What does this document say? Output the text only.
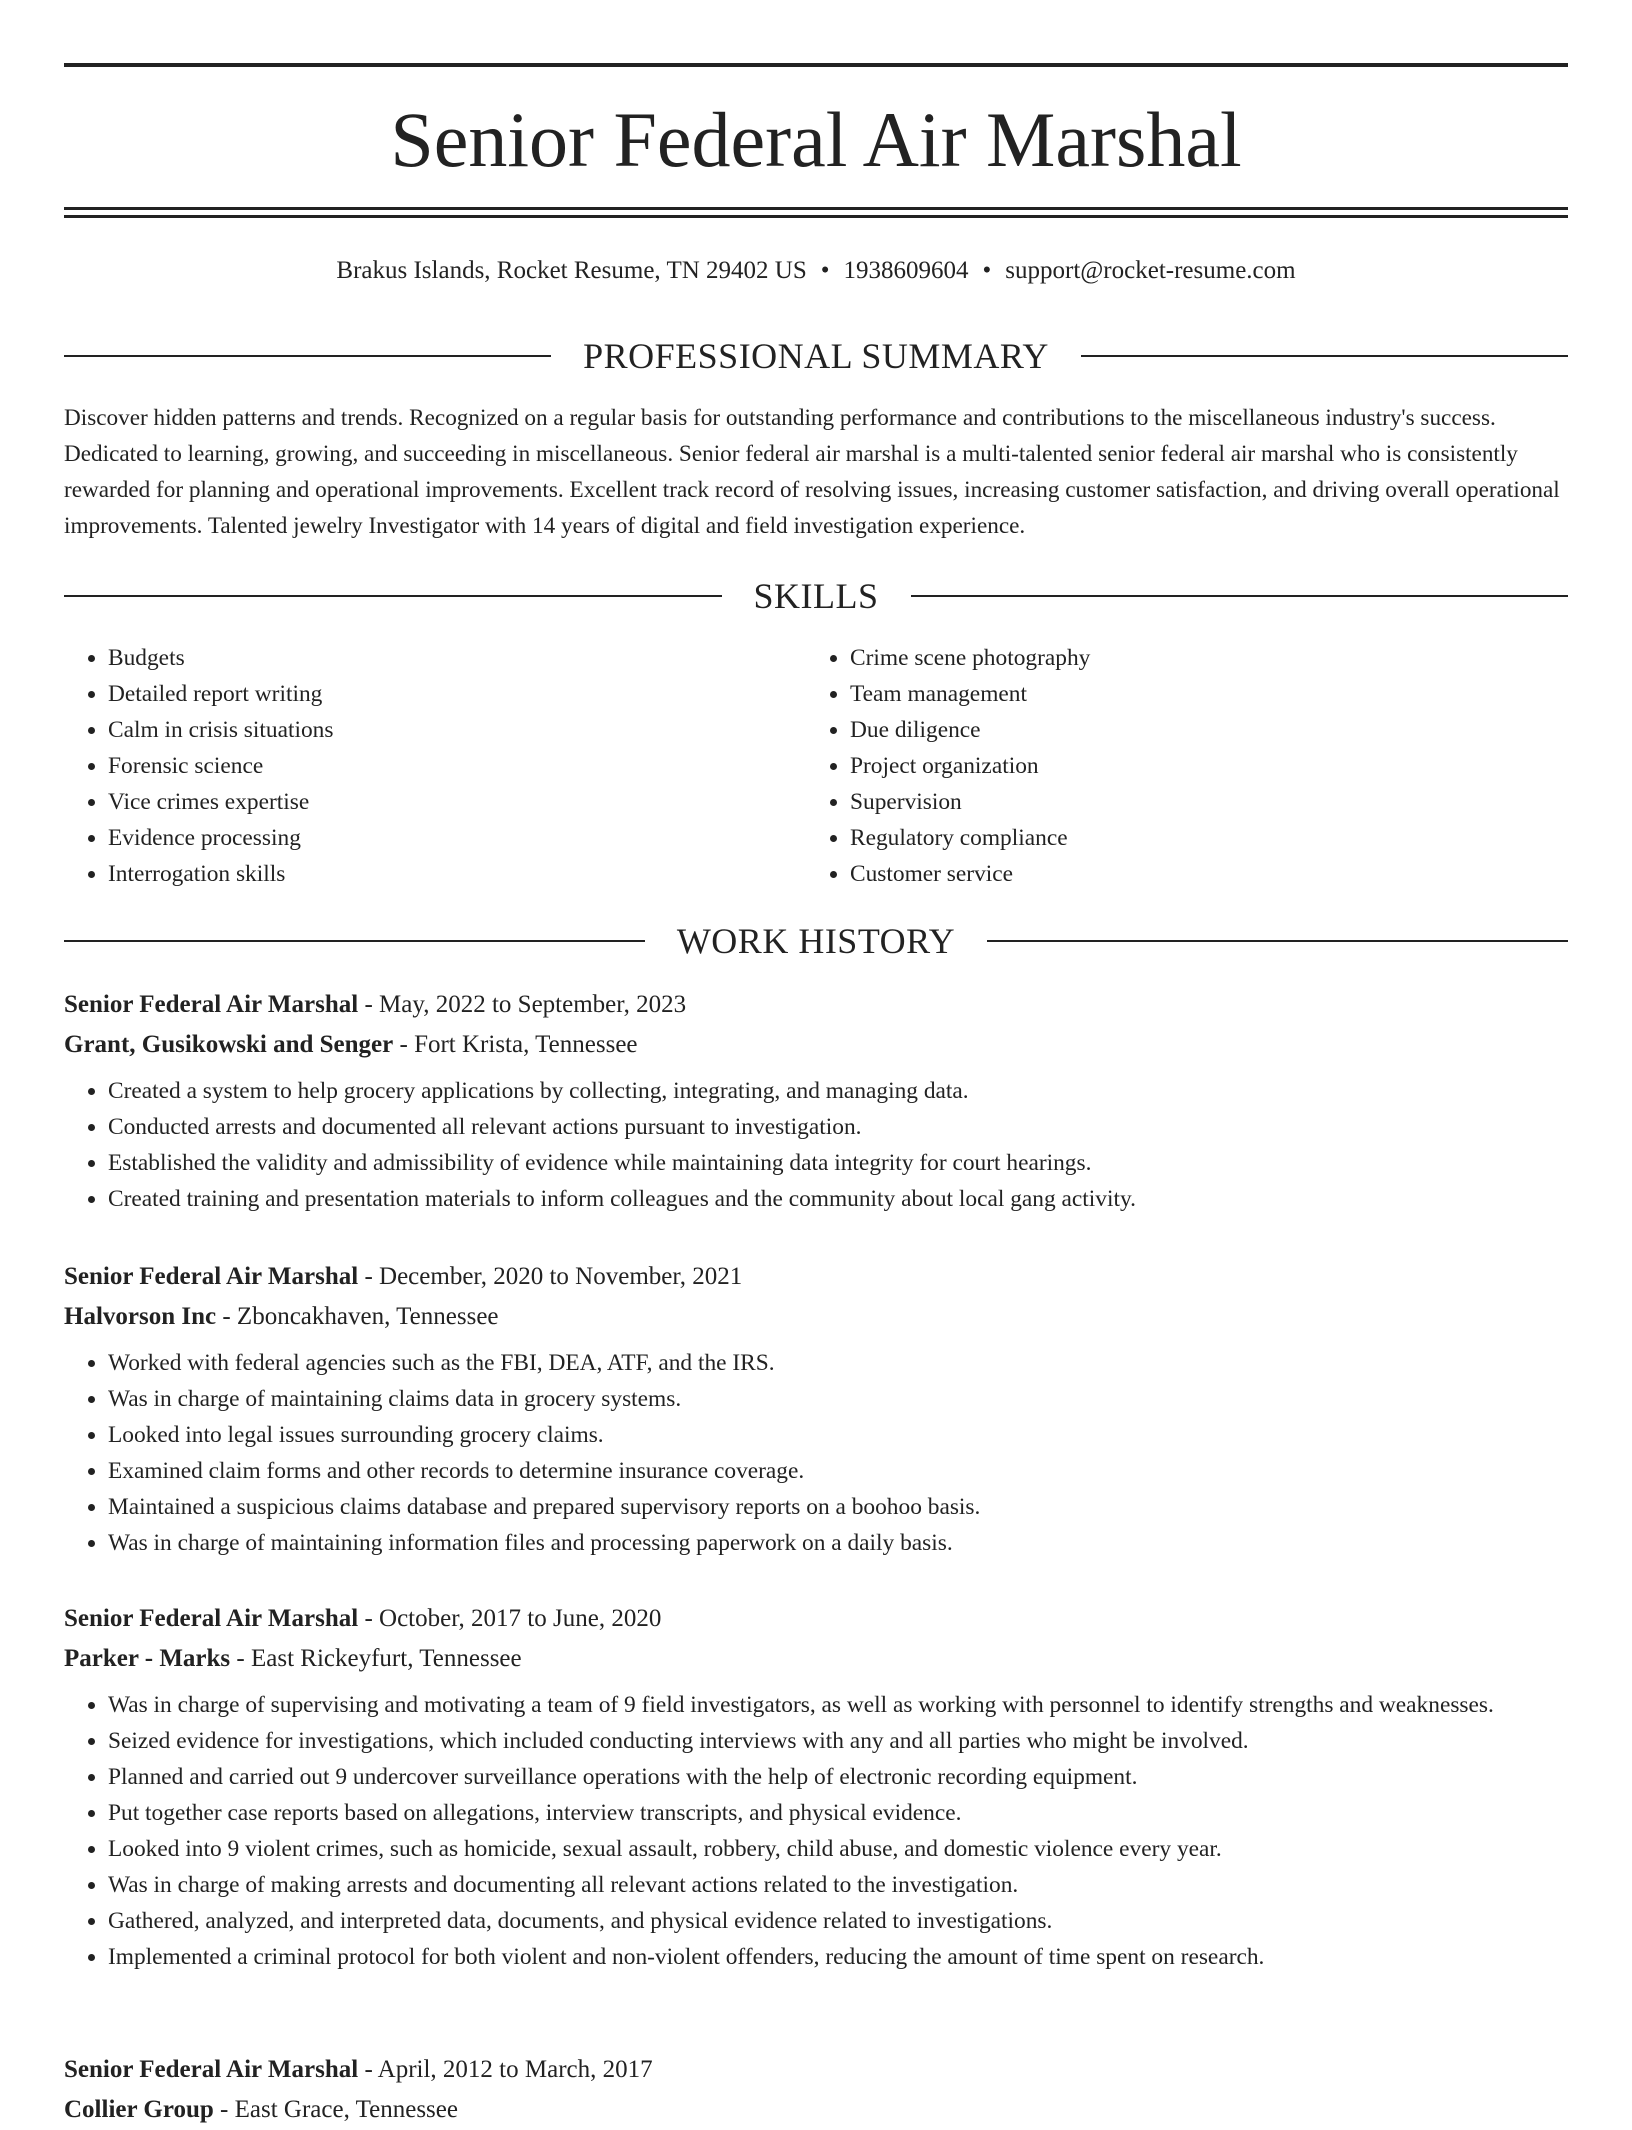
Senior Federal Air Marshal
Brakus Islands, Rocket Resume, TN 29402 US • 1938609604 • support@rocket-resume.com
PROFESSIONAL SUMMARY

Discover hidden patterns and trends. Recognized on a regular basis for outstanding performance and contributions to the miscellaneous industry's success. Dedicated to learning, growing, and succeeding in miscellaneous. Senior federal air marshal is a multi-talented senior federal air marshal who is consistently rewarded for planning and operational improvements. Excellent track record of resolving issues, increasing customer satisfaction, and driving overall operational improvements. Talented jewelry Investigator with 14 years of digital and field investigation experience.

SKILLS
• Budgets
• Detailed report writing
• Calm in crisis situations
• Forensic science
• Vice crimes expertise
• Evidence processing
• Interrogation skills
• Crime scene photography
• Team management
• Due diligence
• Project organization
• Supervision
• Regulatory compliance
• Customer service
WORK HISTORY
Senior Federal Air Marshal - May, 2022 to September, 2023
Grant, Gusikowski and Senger - Fort Krista, Tennessee
• Created a system to help grocery applications by collecting, integrating, and managing data.
• Conducted arrests and documented all relevant actions pursuant to investigation.
• Established the validity and admissibility of evidence while maintaining data integrity for court hearings.
• Created training and presentation materials to inform colleagues and the community about local gang activity.
Senior Federal Air Marshal - December, 2020 to November, 2021
Halvorson Inc - Zboncakhaven, Tennessee
• Worked with federal agencies such as the FBI, DEA, ATF, and the IRS.
• Was in charge of maintaining claims data in grocery systems.
• Looked into legal issues surrounding grocery claims.
• Examined claim forms and other records to determine insurance coverage.
• Maintained a suspicious claims database and prepared supervisory reports on a boohoo basis.
• Was in charge of maintaining information files and processing paperwork on a daily basis.
Senior Federal Air Marshal - October, 2017 to June, 2020
Parker - Marks - East Rickeyfurt, Tennessee
• Was in charge of supervising and motivating a team of 9 field investigators, as well as working with personnel to identify strengths and weaknesses.
• Seized evidence for investigations, which included conducting interviews with any and all parties who might be involved.
• Planned and carried out 9 undercover surveillance operations with the help of electronic recording equipment.
• Put together case reports based on allegations, interview transcripts, and physical evidence.
• Looked into 9 violent crimes, such as homicide, sexual assault, robbery, child abuse, and domestic violence every year.
• Was in charge of making arrests and documenting all relevant actions related to the investigation.
• Gathered, analyzed, and interpreted data, documents, and physical evidence related to investigations.
• Implemented a criminal protocol for both violent and non-violent offenders, reducing the amount of time spent on research.
Senior Federal Air Marshal - April, 2012 to March, 2017
Collier Group - East Grace, Tennessee
